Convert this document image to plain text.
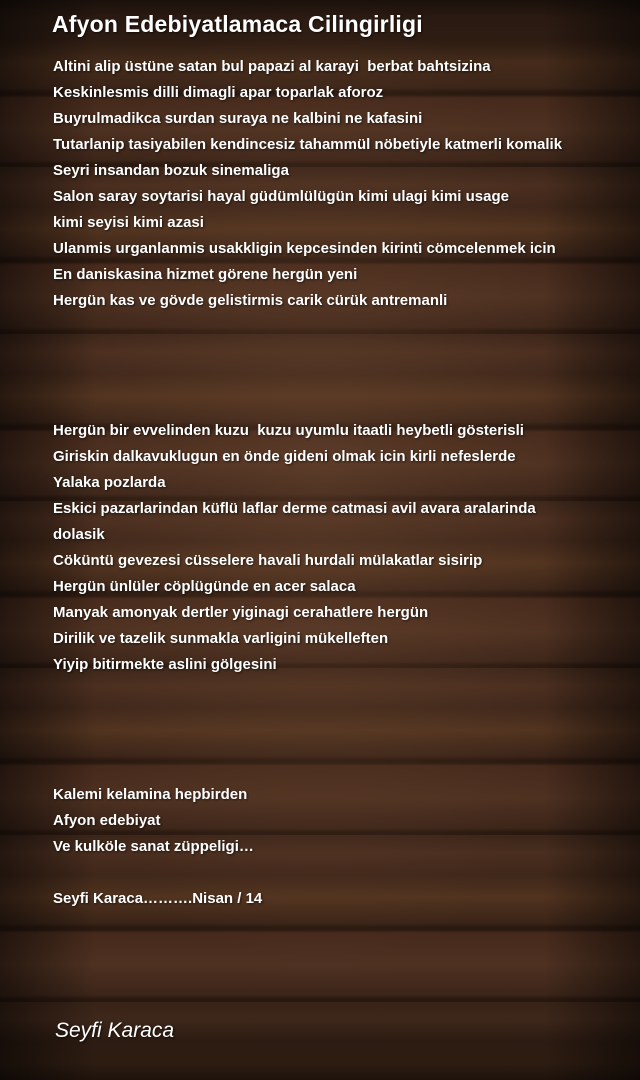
Afyon Edebiyatlamaca Cilingirligi
Altini alip üstüne satan bul papazi al karayi  berbat bahtsizina
Keskinlesmis dilli dimagli apar toparlak aforoz
Buyrulmadikca surdan suraya ne kalbini ne kafasini
Tutarlanip tasiyabilen kendincesiz tahammül nöbetiyle katmerli komalik
Seyri insandan bozuk sinemaliga
Salon saray soytarisi hayal güdümlülügün kimi ulagi kimi usage
kimi seyisi kimi azasi
Ulanmis urganlanmis usakkligin kepcesinden kirinti cömcelenmek icin
En daniskasina hizmet görene hergün yeni
Hergün kas ve gövde gelistirmis carik cürük antremanli
Hergün bir evvelinden kuzu  kuzu uyumlu itaatli heybetli gösterisli
Giriskin dalkavuklugun en önde gideni olmak icin kirli nefeslerde
Yalaka pozlarda
Eskici pazarlarindan küflü laflar derme catmasi avil avara aralarinda
dolasik
Cöküntü gevezesi cüsselere havali hurdali mülakatlar sisirip
Hergün ünlüler cöplügünde en acer salaca
Manyak amonyak dertler yiginagi cerahatlere hergün
Dirilik ve tazelik sunmakla varligini mükelleften
Yiyip bitirmekte aslini gölgesini
Kalemi kelamina hepbirden
Afyon edebiyat
Ve kulköle sanat züppeligi…
Seyfi Karaca……….Nisan / 14
Seyfi Karaca
